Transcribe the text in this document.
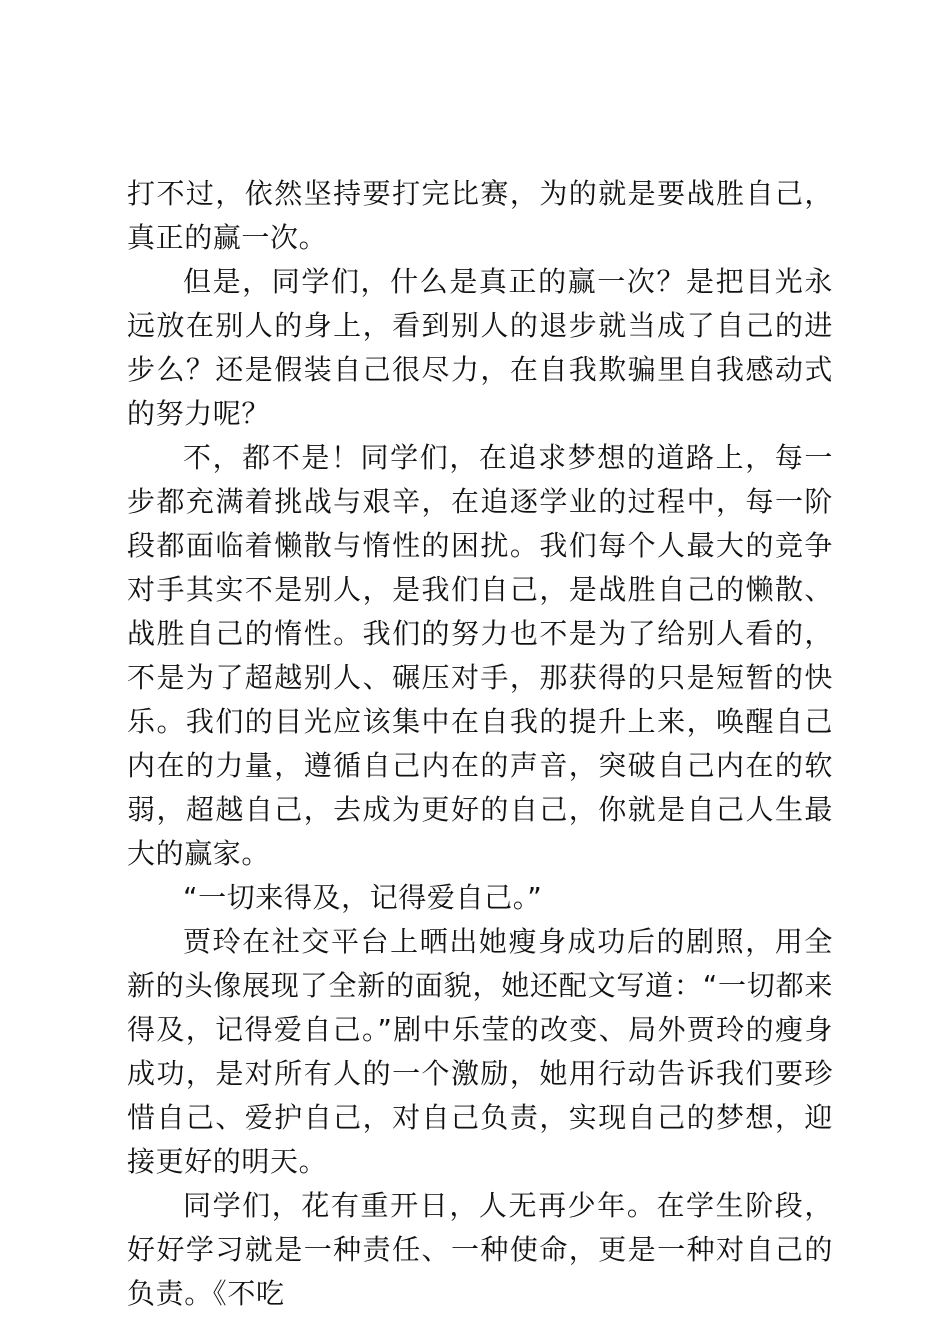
打不过，依然坚持要打完比赛，为的就是要战胜自己，真正的赢一次。

但是，同学们，什么是真正的赢一次？是把目光永远放在别人的身上，看到别人的退步就当成了自己的进步么？还是假装自己很尽力，在自我欺骗里自我感动式的努力呢？

不，都不是！同学们，在追求梦想的道路上，每一步都充满着挑战与艰辛，在追逐学业的过程中，每一阶段都面临着懒散与惰性的困扰。我们每个人最大的竞争对手其实不是别人，是我们自己，是战胜自己的懒散、战胜自己的惰性。我们的努力也不是为了给别人看的，不是为了超越别人、碾压对手，那获得的只是短暂的快乐。我们的目光应该集中在自我的提升上来，唤醒自己内在的力量，遵循自己内在的声音，突破自己内在的软弱，超越自己，去成为更好的自己，你就是自己人生最大的赢家。

“一切来得及，记得爱自己。”

贾玲在社交平台上晒出她瘦身成功后的剧照，用全新的头像展现了全新的面貌，她还配文写道：“一切都来得及，记得爱自己。”剧中乐莹的改变、局外贾玲的瘦身成功，是对所有人的一个激励，她用行动告诉我们要珍惜自己、爱护自己，对自己负责，实现自己的梦想，迎接更好的明天。

同学们，花有重开日，人无再少年。在学生阶段，好好学习就是一种责任、一种使命，更是一种对自己的负责。《不吃
